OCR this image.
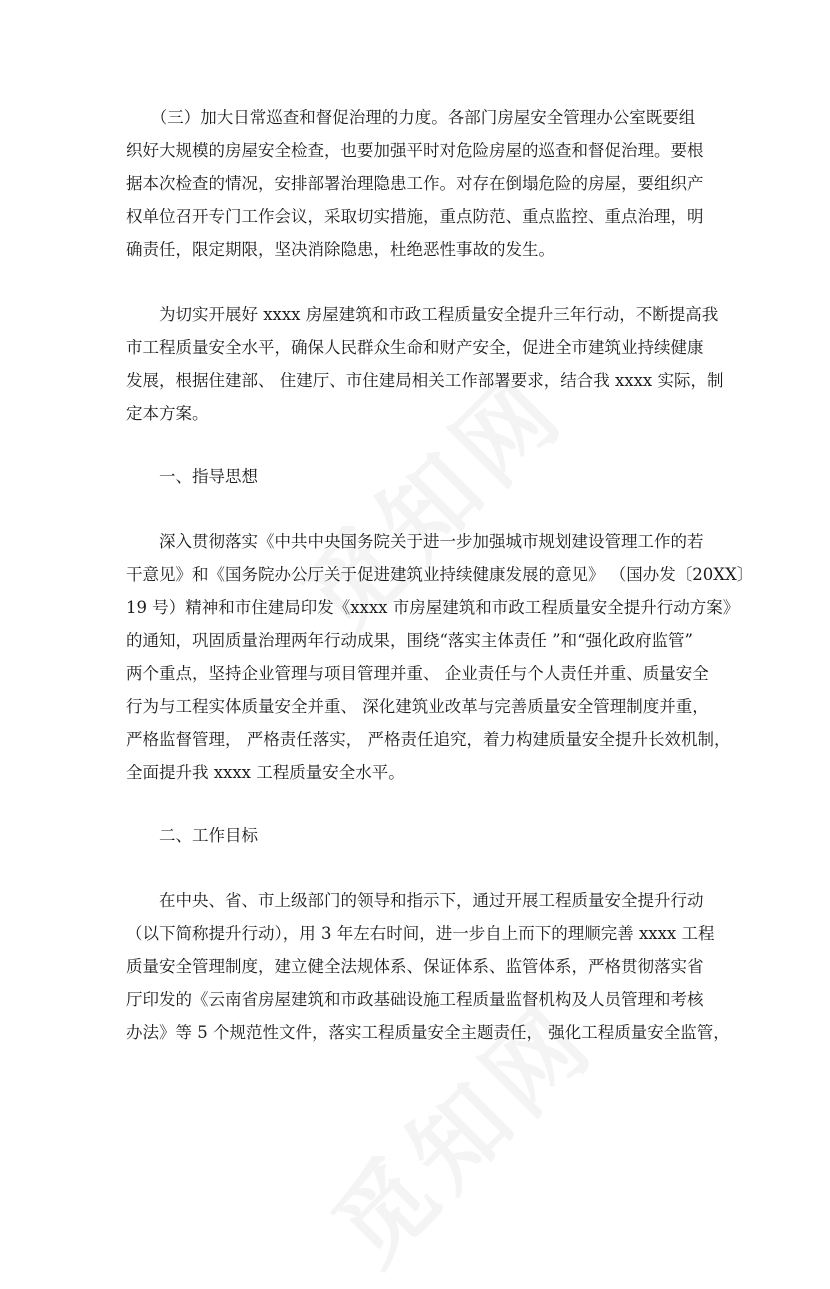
　　（三）加大日常巡查和督促治理的力度。各部门房屋安全管理办公室既要组
织好大规模的房屋安全检查，也要加强平时对危险房屋的巡查和督促治理。要根
据本次检查的情况，安排部署治理隐患工作。对存在倒塌危险的房屋，要组织产
权单位召开专门工作会议，采取切实措施，重点防范、重点监控、重点治理，明
确责任，限定期限，坚决消除隐患，杜绝恶性事故的发生。
　　为切实开展好 xxxx 房屋建筑和市政工程质量安全提升三年行动，不断提高我
市工程质量安全水平，确保人民群众生命和财产安全，促进全市建筑业持续健康
发展，根据住建部、 住建厅、市住建局相关工作部署要求，结合我 xxxx 实际，制
定本方案。
　　一、指导思想
　　深入贯彻落实《中共中央国务院关于进一步加强城市规划建设管理工作的若
干意见》和《国务院办公厅关于促进建筑业持续健康发展的意见》 （国办发〔20XX〕
19 号）精神和市住建局印发《xxxx 市房屋建筑和市政工程质量安全提升行动方案》
的通知，巩固质量治理两年行动成果，围绕“落实主体责任 ”和“强化政府监管”
两个重点，坚持企业管理与项目管理并重、 企业责任与个人责任并重、质量安全
行为与工程实体质量安全并重、 深化建筑业改革与完善质量安全管理制度并重，
严格监督管理， 严格责任落实， 严格责任追究，着力构建质量安全提升长效机制，
全面提升我 xxxx 工程质量安全水平。
　　二、工作目标
　　在中央、省、市上级部门的领导和指示下，通过开展工程质量安全提升行动
（以下简称提升行动），用 3 年左右时间，进一步自上而下的理顺完善 xxxx 工程
质量安全管理制度，建立健全法规体系、保证体系、监管体系，严格贯彻落实省
厅印发的《云南省房屋建筑和市政基础设施工程质量监督机构及人员管理和考核
办法》等 5 个规范性文件，落实工程质量安全主题责任， 强化工程质量安全监管，
